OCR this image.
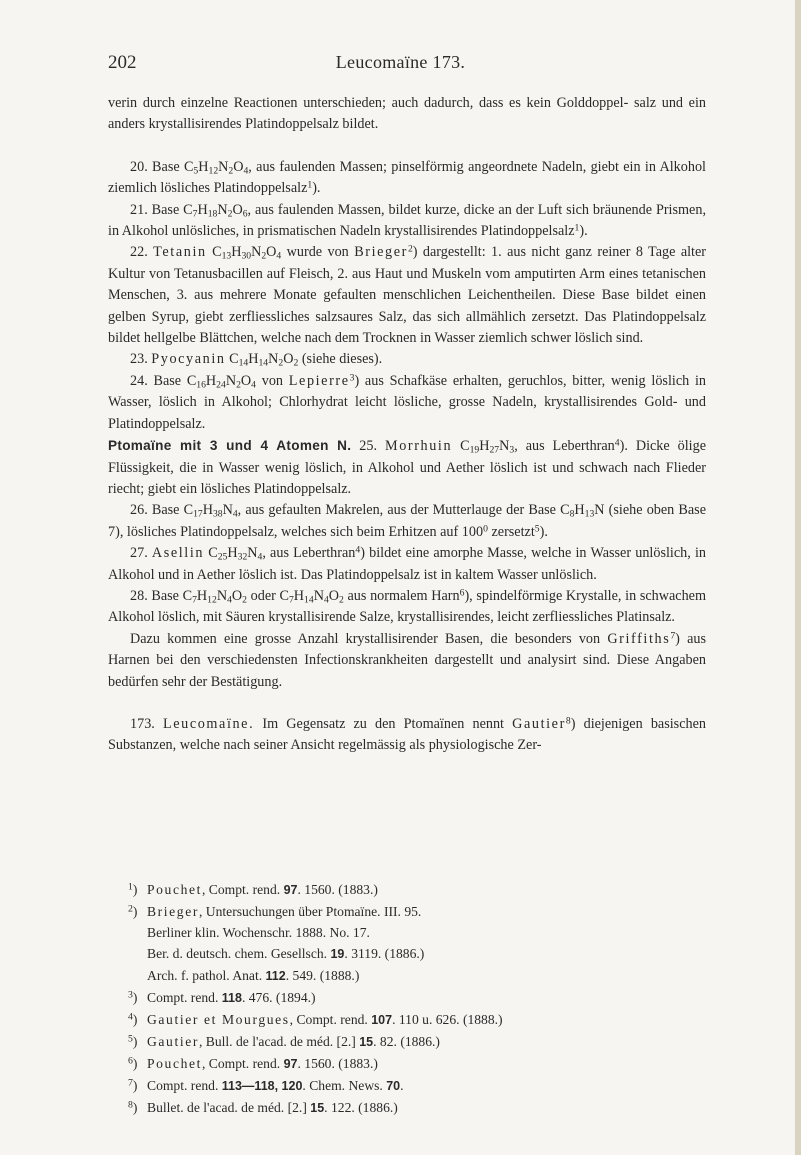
202	Leucomaïne 173.

verin durch einzelne Reactionen unterschieden; auch dadurch, dass es kein Golddoppel- salz und ein anders krystallisirendes Platindoppelsalz bildet.

20. Base $C_5H_{12}N_2O_4$, aus faulenden Massen; pinselförmig angeordnete Nadeln, giebt ein in Alkohol ziemlich lösliches Platindoppelsalz$^1$).

21. Base $C_7H_{18}N_2O_6$, aus faulenden Massen, bildet kurze, dicke an der Luft sich bräunende Prismen, in Alkohol unlösliches, in prismatischen Nadeln krystallisirendes Platindoppelsalz$^1$).

22. Tetanin $C_{13}H_{30}N_2O_4$ wurde von Brieger$^2$) dargestellt: 1. aus nicht ganz reiner 8 Tage alter Kultur von Tetanusbacillen auf Fleisch, 2. aus Haut und Muskeln vom amputirten Arm eines tetanischen Menschen, 3. aus mehrere Monate gefaulten menschlichen Leichentheilen. Diese Base bildet einen gelben Syrup, giebt zerfliessliches salzsaures Salz, das sich allmählich zersetzt. Das Platindoppelsalz bildet hellgelbe Blättchen, welche nach dem Trocknen in Wasser ziemlich schwer löslich sind.

23. Pyocyanin $C_{14}H_{14}N_2O_2$ (siehe dieses).

24. Base $C_{16}H_{24}N_2O_4$ von Lepierre$^3$) aus Schafkäse erhalten, geruchlos, bitter, wenig löslich in Wasser, löslich in Alkohol; Chlorhydrat leicht lösliche, grosse Nadeln, krystallisirendes Gold- und Platindoppelsalz.

Ptomaïne mit 3 und 4 Atomen N. 25. Morrhuin $C_{19}H_{27}N_3$, aus Leberthran$^4$). Dicke ölige Flüssigkeit, die in Wasser wenig löslich, in Alkohol und Aether löslich ist und schwach nach Flieder riecht; giebt ein lösliches Platindoppelsalz.

26. Base $C_{17}H_{38}N_4$, aus gefaulten Makrelen, aus der Mutterlauge der Base $C_8H_{13}N$ (siehe oben Base 7), lösliches Platindoppelsalz, welches sich beim Erhitzen auf $100^0$ zersetzt$^5$).

27. Asellin $C_{25}H_{32}N_4$, aus Leberthran$^4$) bildet eine amorphe Masse, welche in Wasser unlöslich, in Alkohol und in Aether löslich ist. Das Platindoppelsalz ist in kaltem Wasser unlöslich.

28. Base $C_7H_{12}N_4O_2$ oder $C_7H_{14}N_4O_2$ aus normalem Harn$^6$), spindelförmige Krystalle, in schwachem Alkohol löslich, mit Säuren krystallisirende Salze, krystallisirendes, leicht zerfliessliches Platinsalz.

Dazu kommen eine grosse Anzahl krystallisirender Basen, die besonders von Griffiths$^7$) aus Harnen bei den verschiedensten Infectionskrankheiten dargestellt und analysirt sind. Diese Angaben bedürfen sehr der Bestätigung.

173. Leucomaïne. Im Gegensatz zu den Ptomaïnen nennt Gautier$^8$) diejenigen basischen Substanzen, welche nach seiner Ansicht regelmässig als physiologische Zer-

$^1$) Pouchet, Compt. rend. 97. 1560. (1883.)

$^2$) Brieger, Untersuchungen über Ptomaïne. III. 95.

Berliner klin. Wochenschr. 1888. No. 17.

Ber. d. deutsch. chem. Gesellsch. 19. 3119. (1886.)

Arch. f. pathol. Anat. 112. 549. (1888.)

$^3$) Compt. rend. 118. 476. (1894.)

$^4$) Gautier et Mourgues, Compt. rend. 107. 110 u. 626. (1888.)

$^5$) Gautier, Bull. de l'acad. de méd. [2.] 15. 82. (1886.)

$^6$) Pouchet, Compt. rend. 97. 1560. (1883.)

$^7$) Compt. rend. 113—118, 120. Chem. News. 70.

$^8$) Bullet. de l'acad. de méd. [2.] 15. 122. (1886.)
